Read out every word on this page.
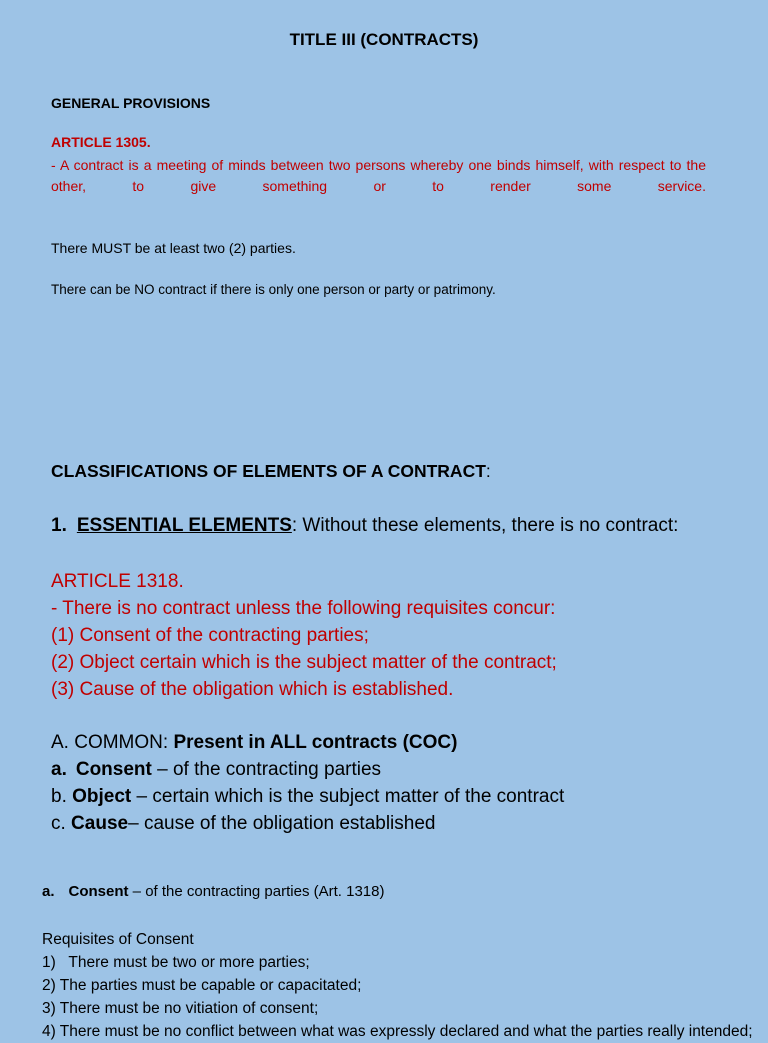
TITLE III (CONTRACTS)
GENERAL PROVISIONS
ARTICLE 1305.
- A contract is a meeting of minds between two persons whereby one binds himself, with respect to the other, to give something or to render some service.
There MUST be at least two (2) parties.
There can be NO contract if there is only one person or party or patrimony.
CLASSIFICATIONS OF ELEMENTS OF A CONTRACT:
1. ESSENTIAL ELEMENTS: Without these elements, there is no contract:
ARTICLE 1318.
- There is no contract unless the following requisites concur:
(1) Consent of the contracting parties;
(2) Object certain which is the subject matter of the contract;
(3) Cause of the obligation which is established.
A. COMMON: Present in ALL contracts (COC)
a. Consent – of the contracting parties
b. Object – certain which is the subject matter of the contract
c. Cause– cause of the obligation established
a. Consent – of the contracting parties (Art. 1318)
Requisites of Consent
1)   There must be two or more parties;
2) The parties must be capable or capacitated;
3) There must be no vitiation of consent;
4) There must be no conflict between what was expressly declared and what the parties really intended;
